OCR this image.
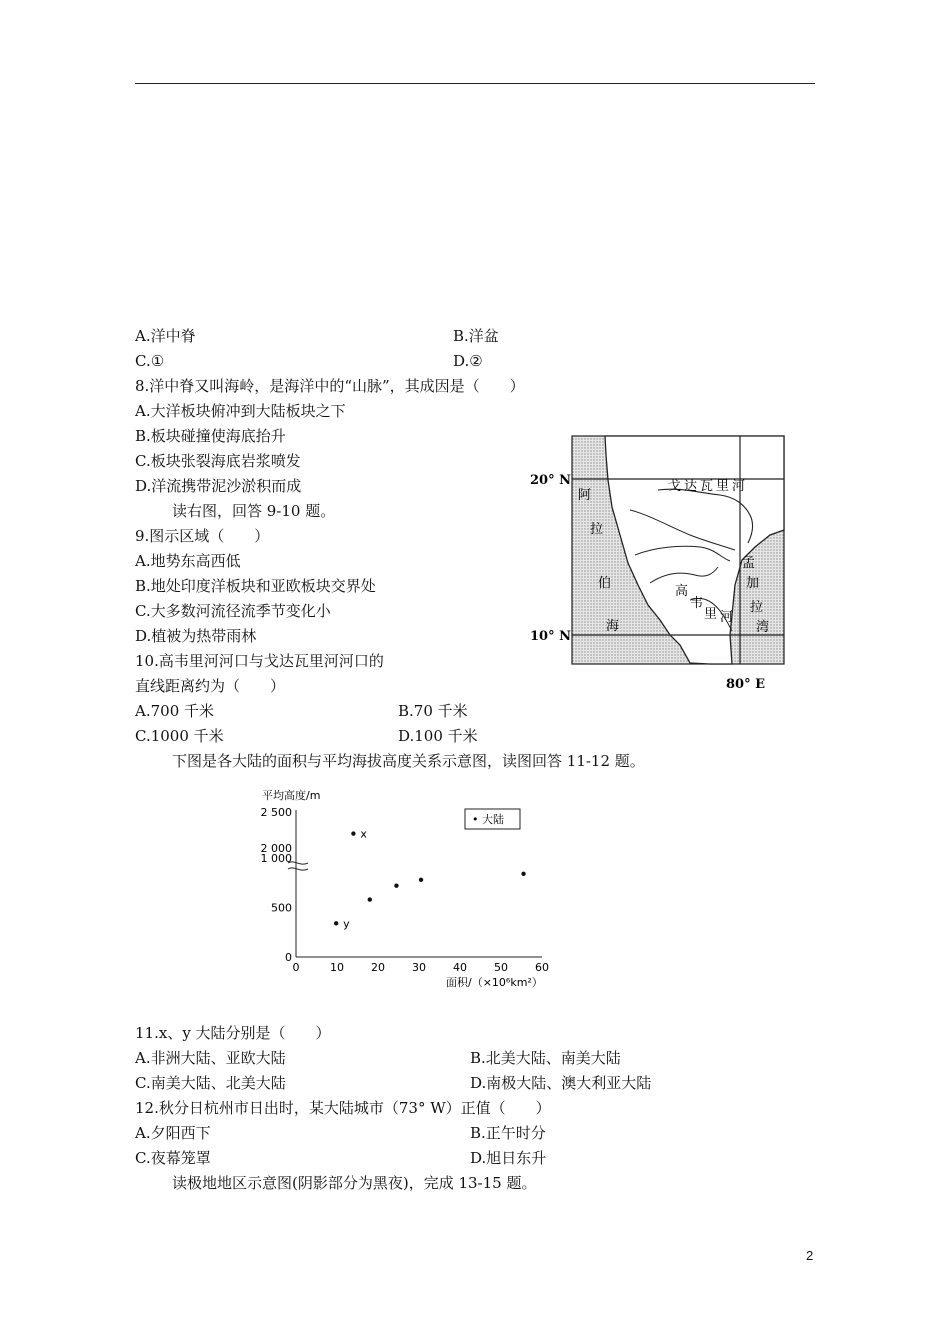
A.洋中脊	B.洋盆
C.①	D.②
8.洋中脊又叫海岭，是海洋中的“山脉”，其成因是（　　）
A.大洋板块俯冲到大陆板块之下
B.板块碰撞使海底抬升
C.板块张裂海底岩浆喷发
D.洋流携带泥沙淤积而成
读右图，回答 9-10 题。
9.图示区域（　　）
A.地势东高西低
B.地处印度洋板块和亚欧板块交界处
C.大多数河流径流季节变化小
D.植被为热带雨林
10.高韦里河河口与戈达瓦里河河口的
直线距离约为（　　）
A.700 千米	B.70 千米
C.1000 千米	D.100 千米
下图是各大陆的面积与平均海拔高度关系示意图，读图回答 11-12 题。
20° N
10° N
80° E
戈达瓦里河
阿
拉
伯
海
高
韦
里 河
孟
加
拉
湾
平均高度/m
• 大陆
0
500
1 000
2 000
2 500
0	10 20 30 40 50 60
x
y
面积/（×10⁶km²）
11.x、y 大陆分别是（　　）
A.非洲大陆、亚欧大陆	B.北美大陆、南美大陆
C.南美大陆、北美大陆	D.南极大陆、澳大利亚大陆
12.秋分日杭州市日出时，某大陆城市（73° W）正值（　　）
A.夕阳西下	B.正午时分
C.夜幕笼罩	D.旭日东升
读极地地区示意图(阴影部分为黑夜)，完成 13-15 题。
2
